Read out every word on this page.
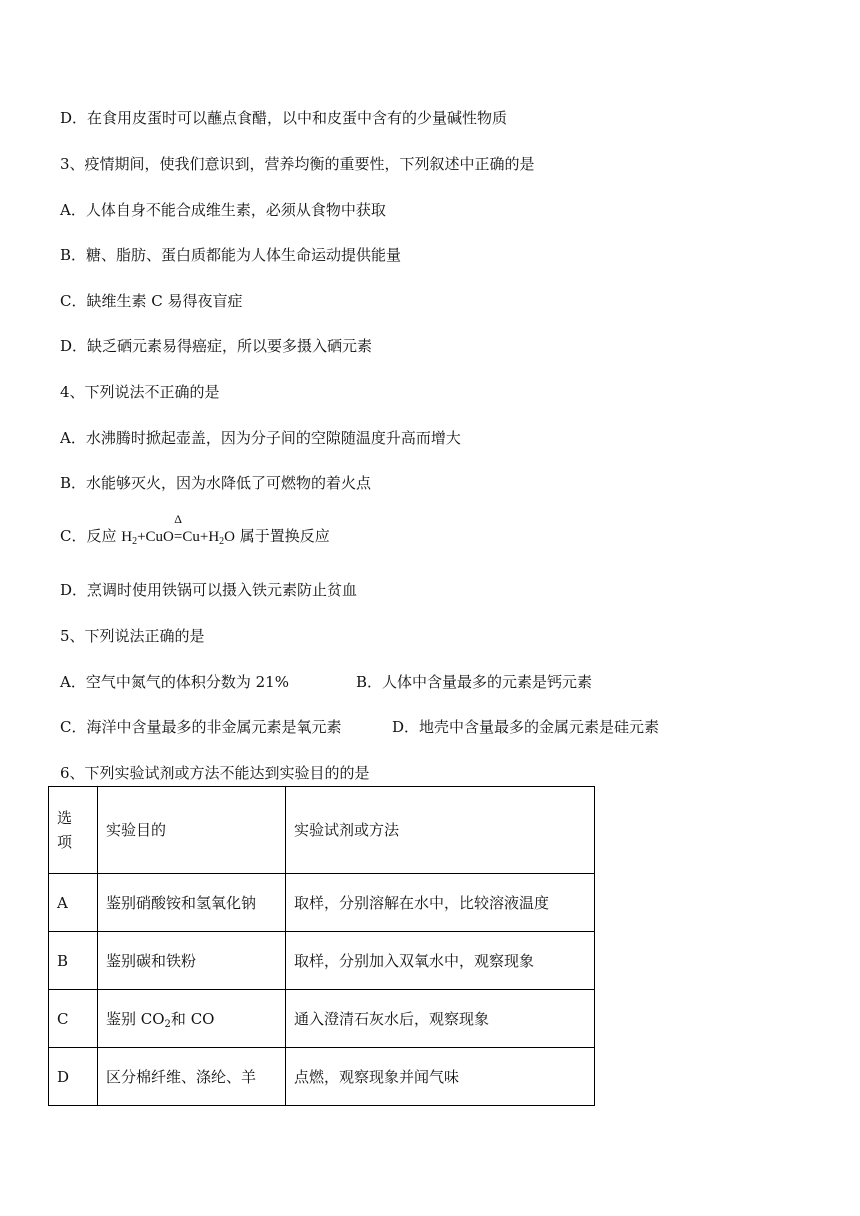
D．在食用皮蛋时可以蘸点食醋，以中和皮蛋中含有的少量碱性物质
3、疫情期间，使我们意识到，营养均衡的重要性，下列叙述中正确的是
A．人体自身不能合成维生素，必须从食物中获取
B．糖、脂肪、蛋白质都能为人体生命运动提供能量
C．缺维生素 C 易得夜盲症
D．缺乏硒元素易得癌症，所以要多摄入硒元素
4、下列说法不正确的是
A．水沸腾时掀起壶盖，因为分子间的空隙随温度升高而增大
B．水能够灭火，因为水降低了可燃物的着火点
C．反应 $H_2+CuO$
Δ
$=Cu+H_2O$ 属于置换反应
D．烹调时使用铁锅可以摄入铁元素防止贫血
5、下列说法正确的是
A．空气中氮气的体积分数为 21%	B．人体中含量最多的元素是钙元素
C．海洋中含量最多的非金属元素是氧元素	D．地壳中含量最多的金属元素是硅元素
6、下列实验试剂或方法不能达到实验目的的是
选
项	实验目的	实验试剂或方法
A	鉴别硝酸铵和氢氧化钠	取样，分别溶解在水中，比较溶液温度
B	鉴别碳和铁粉	取样，分别加入双氧水中，观察现象
C	鉴别 $CO_2$和 CO	通入澄清石灰水后，观察现象
D	区分棉纤维、涤纶、羊	点燃，观察现象并闻气味
